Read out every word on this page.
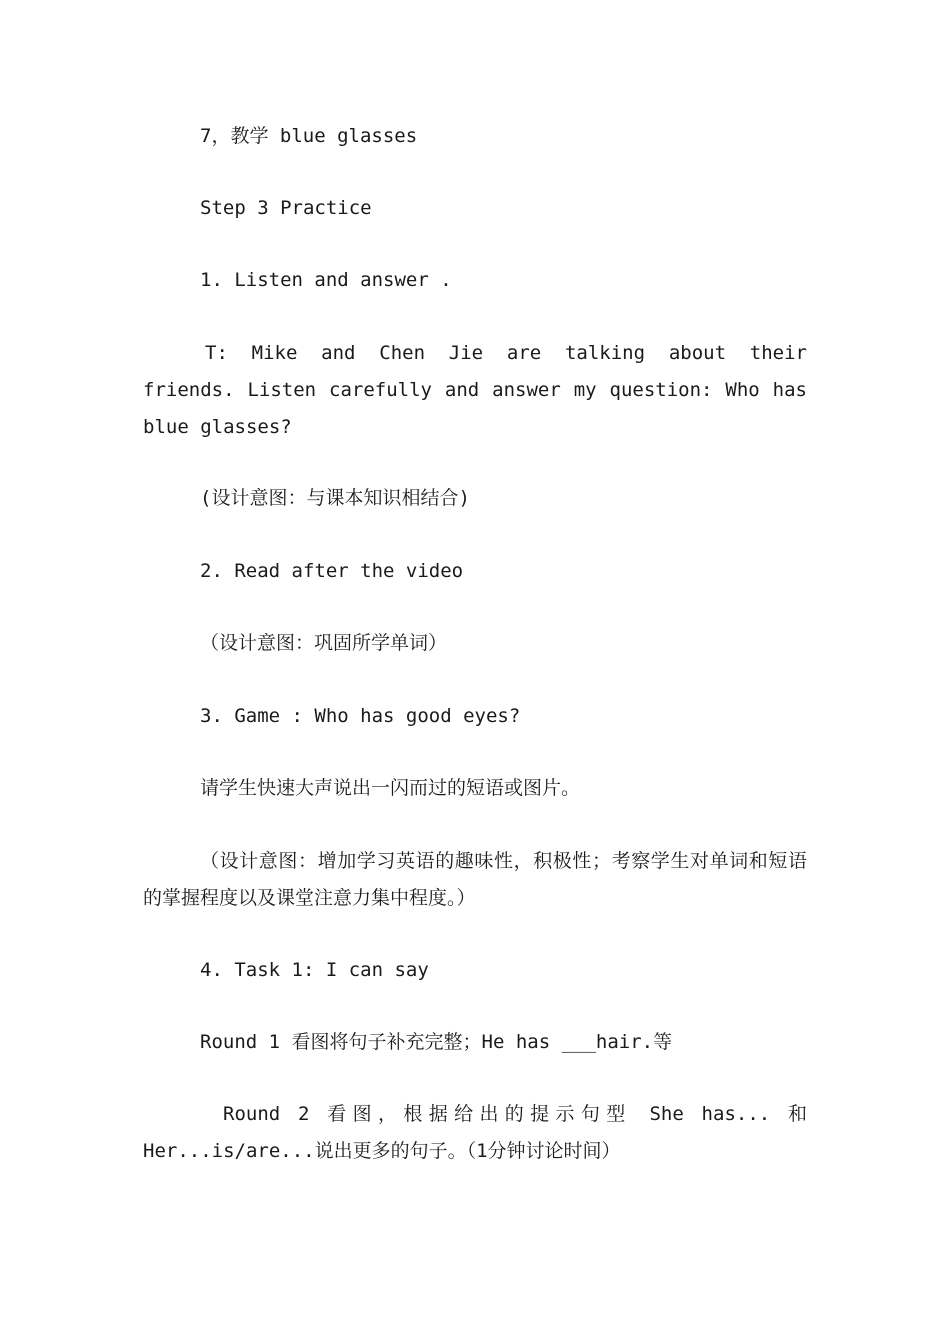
7，教学 blue glasses

Step 3 Practice

1. Listen and answer .

T: Mike and Chen Jie are talking about their friends. Listen carefully and answer my question: Who has blue glasses?

(设计意图：与课本知识相结合)

2. Read after the video

（设计意图：巩固所学单词）

3. Game : Who has good eyes?

请学生快速大声说出一闪而过的短语或图片。

（设计意图：增加学习英语的趣味性，积极性；考察学生对单词和短语的掌握程度以及课堂注意力集中程度。）

4. Task 1: I can say

Round 1 看图将句子补充完整；He has ___hair.等

Round 2 看图，根据给出的提示句型 She has... 和 Her...is/are...说出更多的句子。（1分钟讨论时间）
